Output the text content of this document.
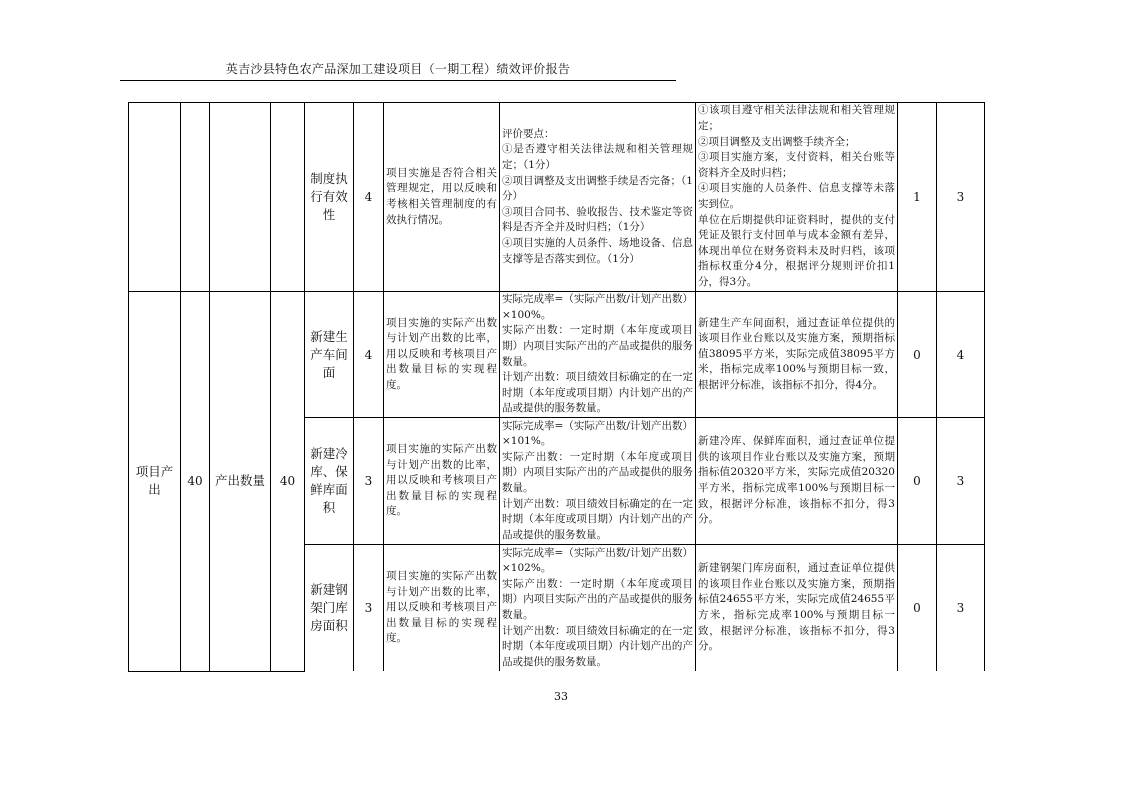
英吉沙县特色农产品深加工建设项目（一期工程）绩效评价报告
				制度执行有效性	4	项目实施是否符合相关管理规定，用以反映和考核相关管理制度的有效执行情况。	评价要点：
①是否遵守相关法律法规和相关管理规定；（1分）
②项目调整及支出调整手续是否完备；（1分）
③项目合同书、验收报告、技术鉴定等资料是否齐全并及时归档；（1分）
④项目实施的人员条件、场地设备、信息支撑等是否落实到位。（1分）	①该项目遵守相关法律法规和相关管理规定；
②项目调整及支出调整手续齐全；
③项目实施方案，支付资料，相关台账等资料齐全及时归档；
④项目实施的人员条件、信息支撑等未落实到位。
单位在后期提供印证资料时，提供的支付凭证及银行支付回单与成本金额有差异，体现出单位在财务资料未及时归档，该项指标权重分4分，根据评分规则评价扣1分，得3分。	1	3
项目产出	40	产出数量	40	新建生产车间面	4	项目实施的实际产出数与计划产出数的比率，用以反映和考核项目产出数量目标的实现程度。	实际完成率=（实际产出数/计划产出数）×100%。
实际产出数：一定时期（本年度或项目期）内项目实际产出的产品或提供的服务数量。
计划产出数：项目绩效目标确定的在一定时期（本年度或项目期）内计划产出的产品或提供的服务数量。	新建生产车间面积，通过查证单位提供的该项目作业台账以及实施方案，预期指标值38095平方米，实际完成值38095平方米，指标完成率100%与预期目标一致，根据评分标准，该指标不扣分，得4分。	0	4
				新建冷库、保鲜库面积	3	项目实施的实际产出数与计划产出数的比率，用以反映和考核项目产出数量目标的实现程度。	实际完成率=（实际产出数/计划产出数）×101%。
实际产出数：一定时期（本年度或项目期）内项目实际产出的产品或提供的服务数量。
计划产出数：项目绩效目标确定的在一定时期（本年度或项目期）内计划产出的产品或提供的服务数量。	新建冷库、保鲜库面积，通过查证单位提供的该项目作业台账以及实施方案，预期指标值20320平方米，实际完成值20320平方米，指标完成率100%与预期目标一致，根据评分标准，该指标不扣分，得3分。	0	3
				新建钢架门库房面积	3	项目实施的实际产出数与计划产出数的比率，用以反映和考核项目产出数量目标的实现程度。	实际完成率=（实际产出数/计划产出数）×102%。
实际产出数：一定时期（本年度或项目期）内项目实际产出的产品或提供的服务数量。
计划产出数：项目绩效目标确定的在一定时期（本年度或项目期）内计划产出的产品或提供的服务数量。	新建钢架门库房面积，通过查证单位提供的该项目作业台账以及实施方案，预期指标值24655平方米，实际完成值24655平方米，指标完成率100%与预期目标一致，根据评分标准，该指标不扣分，得3分。	0	3
33
